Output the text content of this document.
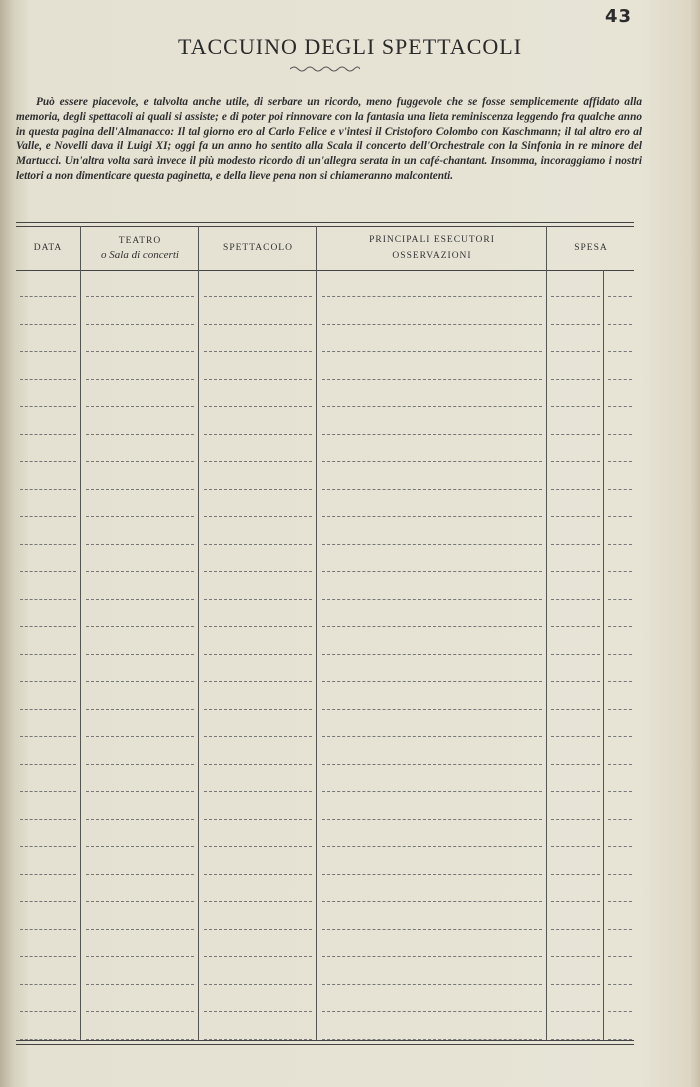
43
TACCUINO DEGLI SPETTACOLI
Può essere piacevole, e talvolta anche utile, di serbare un ricordo, meno fuggevole che se fosse semplicemente affidato alla memoria, degli spettacoli ai quali si assiste; e di poter poi rinnovare con la fantasia una lieta reminiscenza leggendo fra qualche anno in questa pagina dell'Almanacco: Il tal giorno ero al Carlo Felice e v'intesi il Cristoforo Colombo con Kaschmann; il tal altro ero al Valle, e Novelli dava il Luigi XI; oggi fa un anno ho sentito alla Scala il concerto dell'Orchestrale con la Sinfonia in re minore del Martucci. Un'altra volta sarà invece il più modesto ricordo di un'allegra serata in un café-chantant. Insomma, incoraggiamo i nostri lettori a non dimenticare questa paginetta, e della lieve pena non si chiameranno malcontenti.
DATA
TEATRO
o Sala di concerti
SPETTACOLO
PRINCIPALI ESECUTORI
OSSERVAZIONI
SPESA
